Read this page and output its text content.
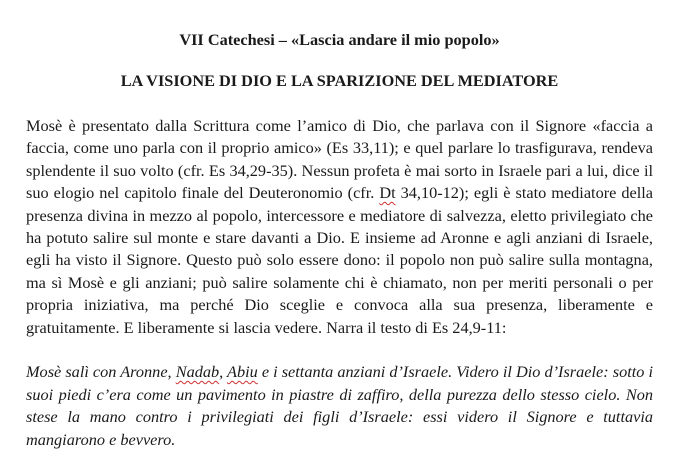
VII Catechesi – «Lascia andare il mio popolo»

LA VISIONE DI DIO E LA SPARIZIONE DEL MEDIATORE

Mosè è presentato dalla Scrittura come l’amico di Dio, che parlava con il Signore «faccia a faccia, come uno parla con il proprio amico» (Es 33,11); e quel parlare lo trasfigurava, rendeva splendente il suo volto (cfr. Es 34,29-35). Nessun profeta è mai sorto in Israele pari a lui, dice il suo elogio nel capitolo finale del Deuteronomio (cfr. Dt 34,10-12); egli è stato mediatore della presenza divina in mezzo al popolo, intercessore e mediatore di salvezza, eletto privilegiato che ha potuto salire sul monte e stare davanti a Dio. E insieme ad Aronne e agli anziani di Israele, egli ha visto il Signore. Questo può solo essere dono: il popolo non può salire sulla montagna, ma sì Mosè e gli anziani; può salire solamente chi è chiamato, non per meriti personali o per propria iniziativa, ma perché Dio sceglie e convoca alla sua presenza, liberamente e gratuitamente. E liberamente si lascia vedere. Narra il testo di Es 24,9-11:

Mosè salì con Aronne, Nadab, Abiu e i settanta anziani d’Israele. Videro il Dio d’Israele: sotto i suoi piedi c’era come un pavimento in piastre di zaffiro, della purezza dello stesso cielo. Non stese la mano contro i privilegiati dei figli d’Israele: essi videro il Signore e tuttavia mangiarono e bevvero.
